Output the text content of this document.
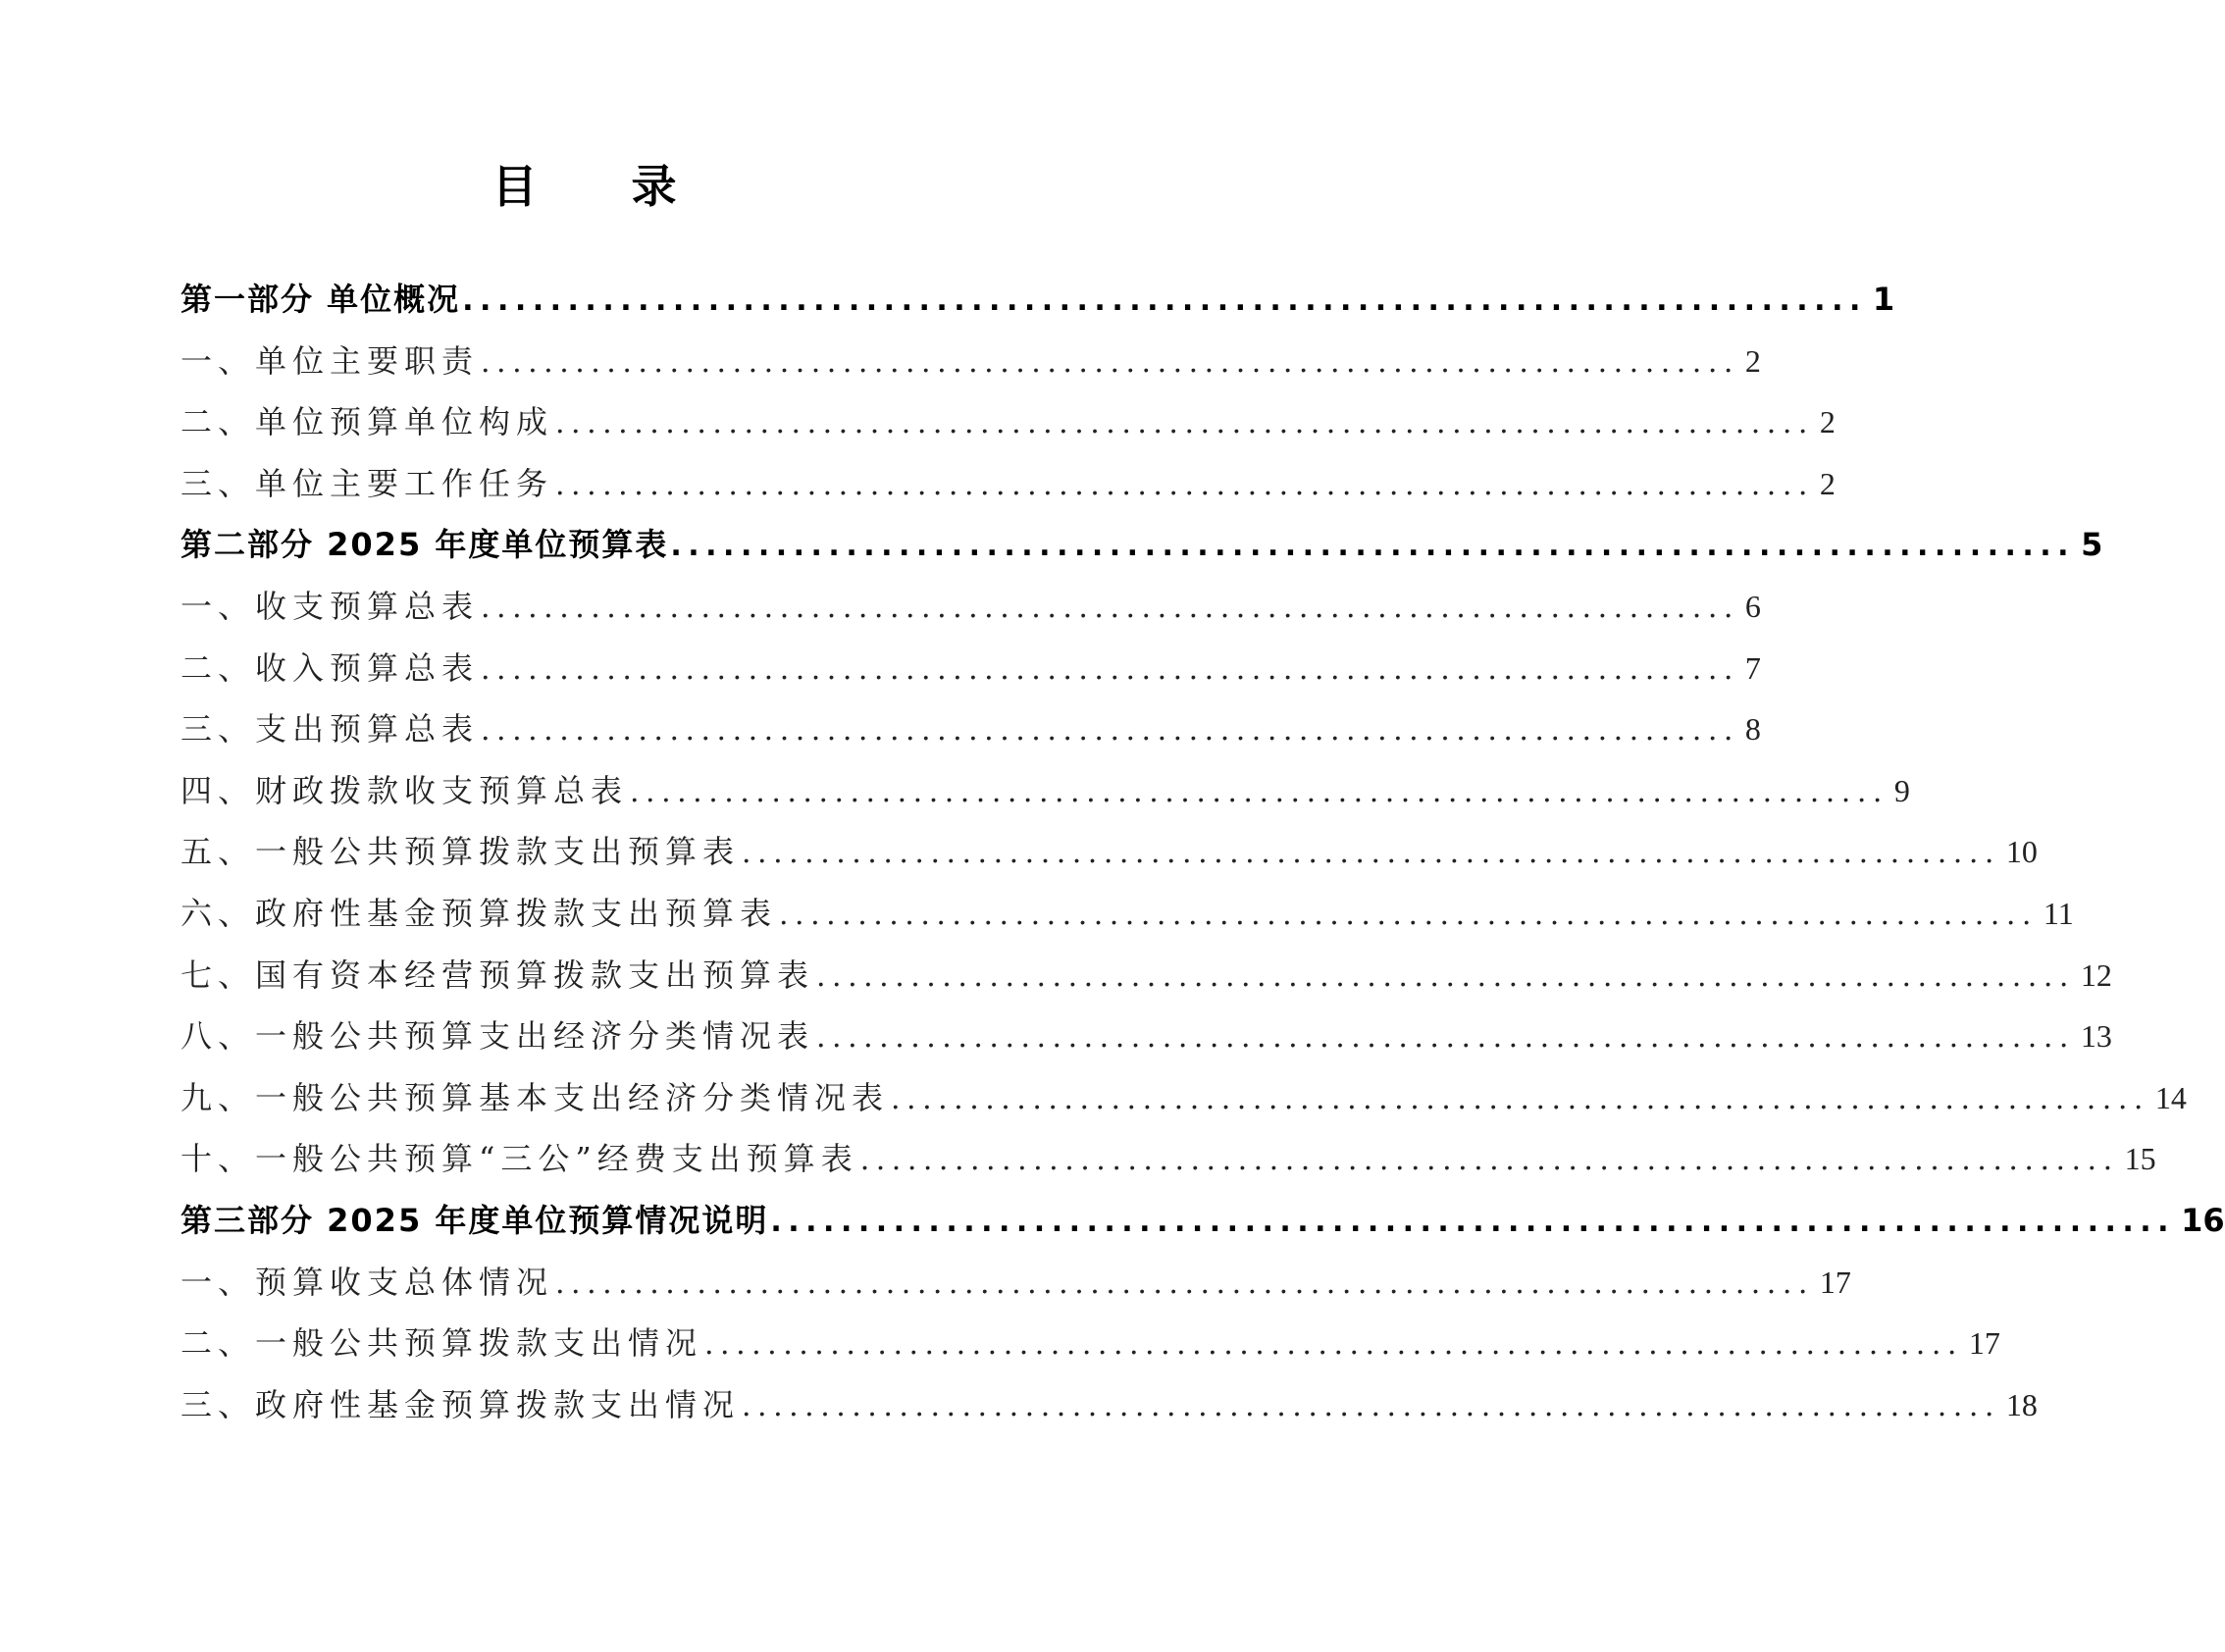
目 录
第一部分 单位概况 ................................................................................ 1
一、单位主要职责 ................................................................................ 2
二、单位预算单位构成 ................................................................................ 2
三、单位主要工作任务 ................................................................................ 2
第二部分 2025 年度单位预算表 ................................................................................ 5
一、收支预算总表 ................................................................................ 6
二、收入预算总表 ................................................................................ 7
三、支出预算总表 ................................................................................ 8
四、财政拨款收支预算总表 ................................................................................ 9
五、一般公共预算拨款支出预算表 ................................................................................ 10
六、政府性基金预算拨款支出预算表 ................................................................................ 11
七、国有资本经营预算拨款支出预算表 ................................................................................ 12
八、一般公共预算支出经济分类情况表 ................................................................................ 13
九、一般公共预算基本支出经济分类情况表 ................................................................................ 14
十、一般公共预算“三公”经费支出预算表 ................................................................................ 15
第三部分 2025 年度单位预算情况说明 ................................................................................ 16
一、预算收支总体情况 ................................................................................ 17
二、一般公共预算拨款支出情况 ................................................................................ 17
三、政府性基金预算拨款支出情况 ................................................................................ 18
